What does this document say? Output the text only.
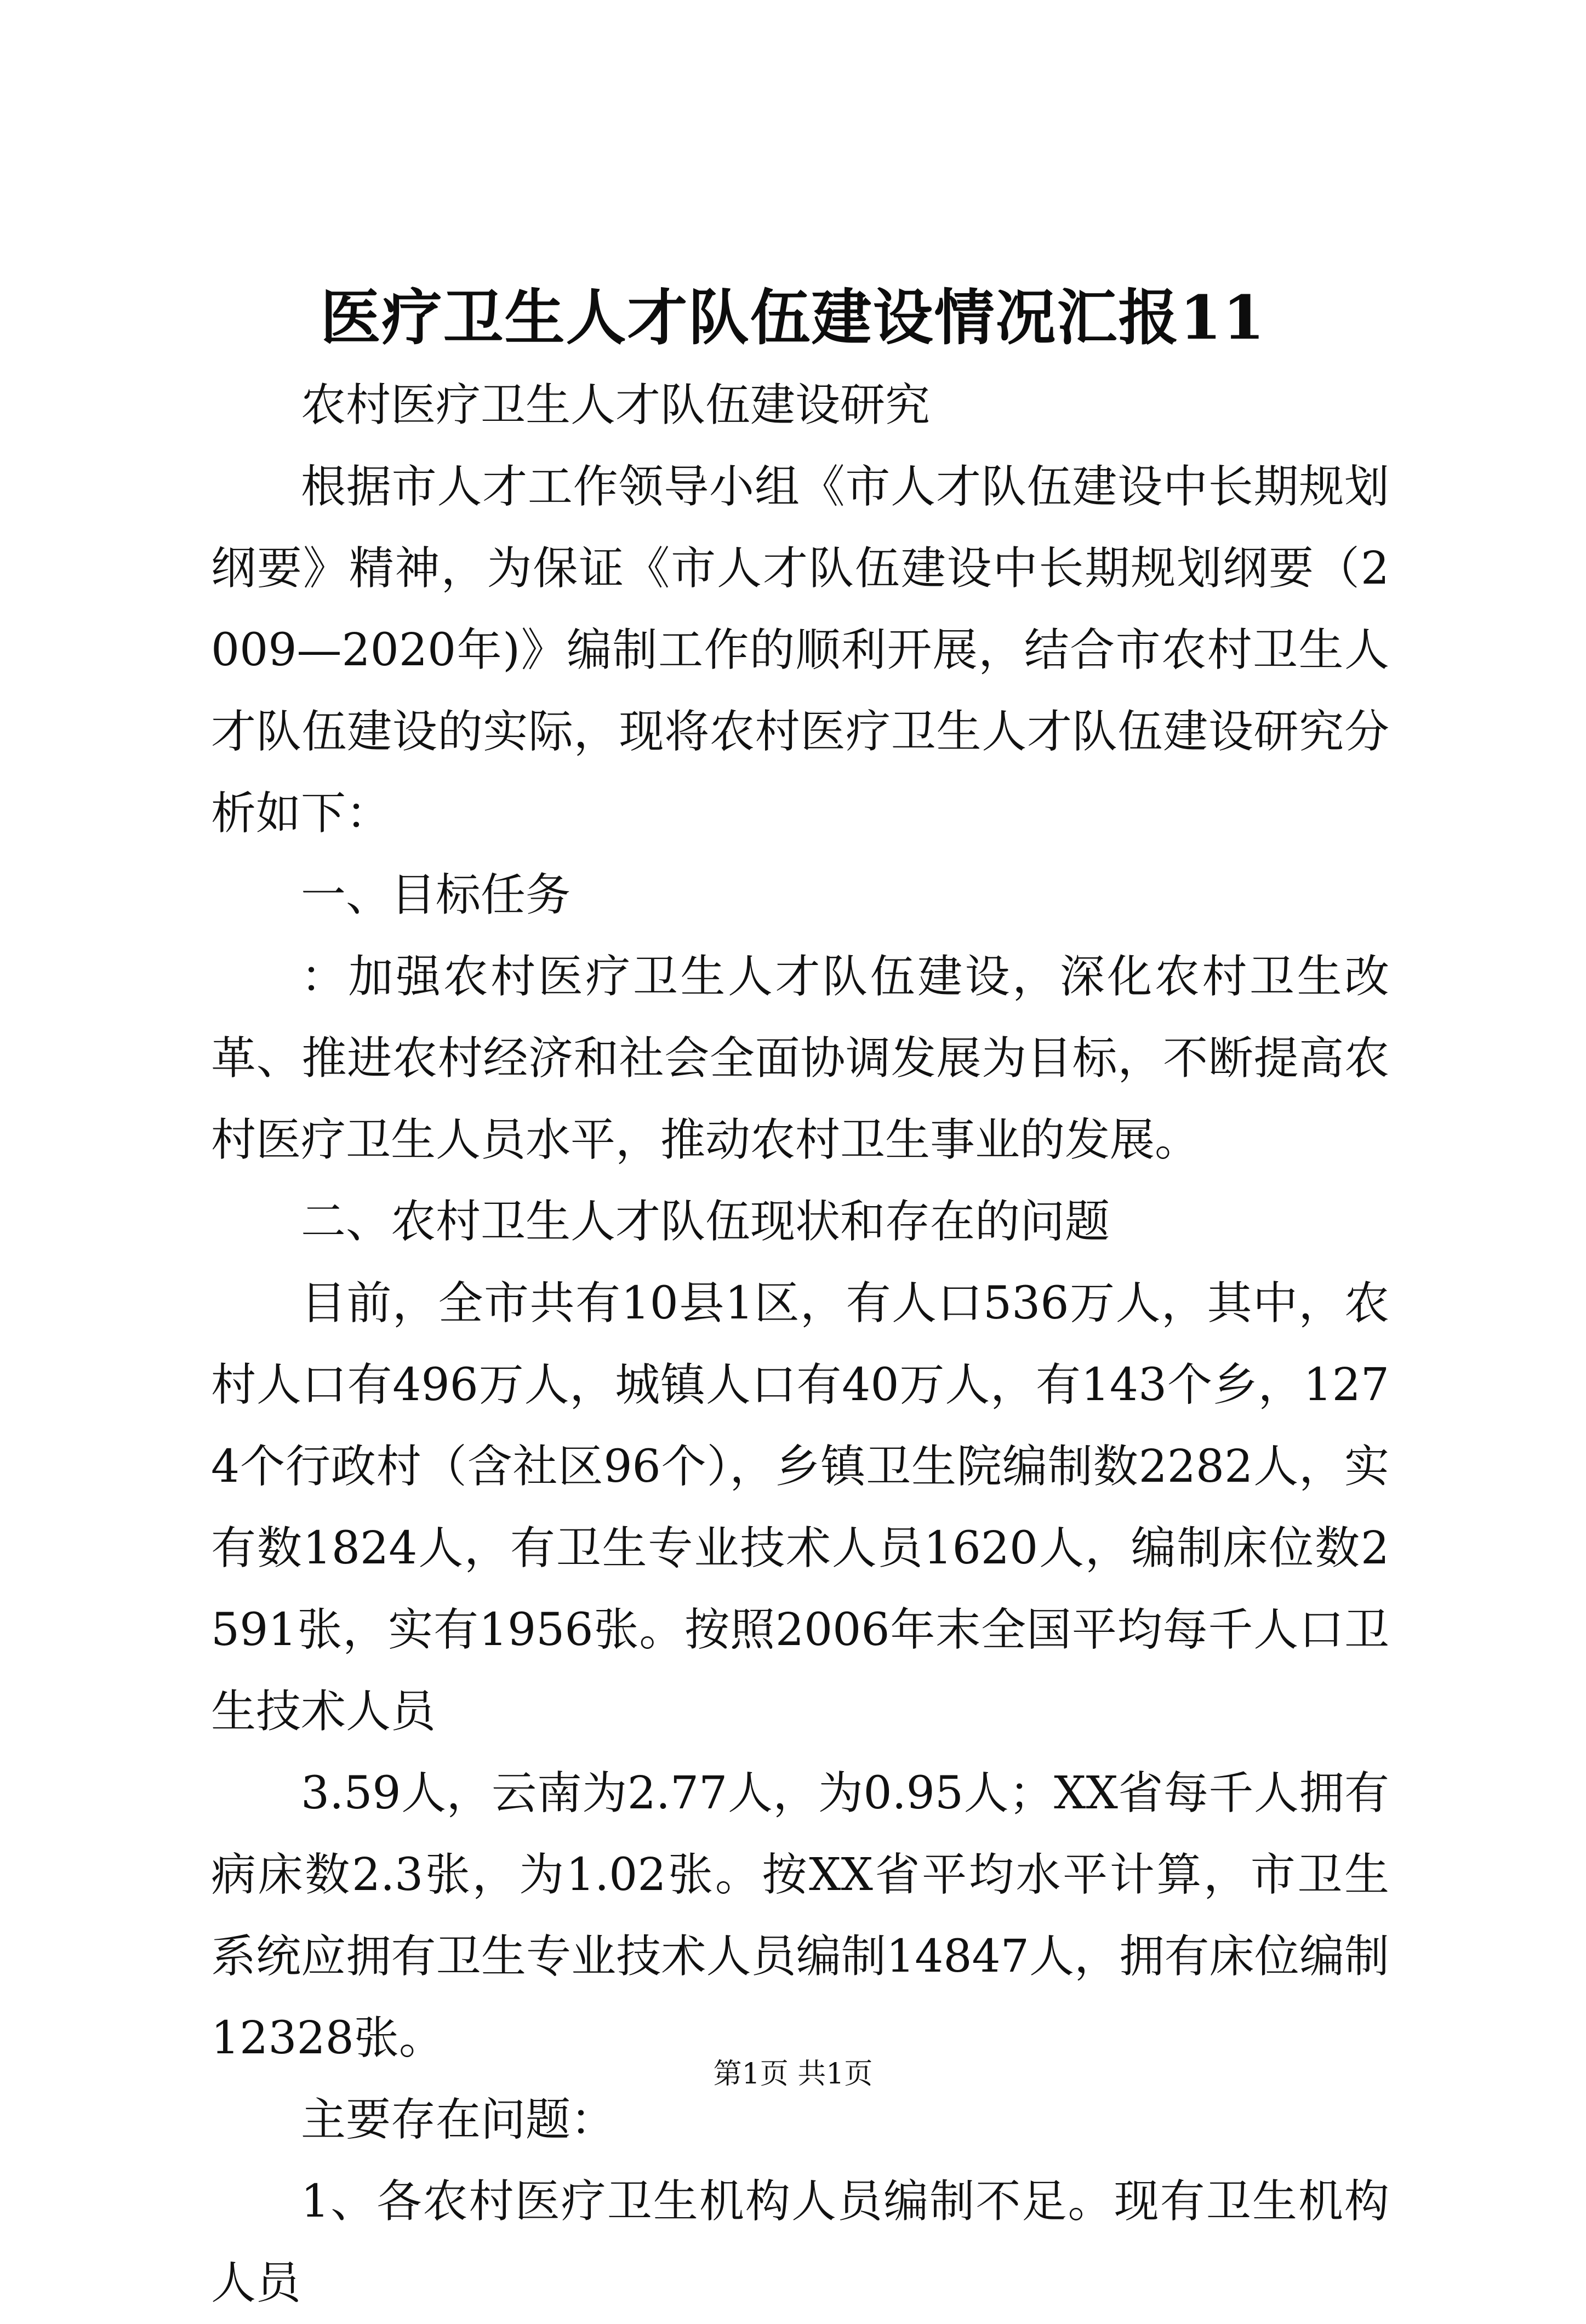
医疗卫生人才队伍建设情况汇报11

农村医疗卫生人才队伍建设研究

根据市人才工作领导小组《市人才队伍建设中长期规划纲要》精神，为保证《市人才队伍建设中长期规划纲要（2009—2020年)》编制工作的顺利开展，结合市农村卫生人才队伍建设的实际，现将农村医疗卫生人才队伍建设研究分析如下：

一、目标任务

：加强农村医疗卫生人才队伍建设，深化农村卫生改革、推进农村经济和社会全面协调发展为目标，不断提高农村医疗卫生人员水平，推动农村卫生事业的发展。

二、农村卫生人才队伍现状和存在的问题

目前，全市共有10县1区，有人口536万人，其中，农村人口有496万人，城镇人口有40万人，有143个乡，1274个行政村（含社区96个），乡镇卫生院编制数2282人，实有数1824人，有卫生专业技术人员1620人，编制床位数2591张，实有1956张。按照2006年末全国平均每千人口卫生技术人员

3.59人，云南为2.77人，为0.95人；XX省每千人拥有病床数2.3张，为1.02张。按XX省平均水平计算，市卫生系统应拥有卫生专业技术人员编制14847人，拥有床位编制12328张。

主要存在问题：

1、各农村医疗卫生机构人员编制不足。现有卫生机构人员

第1页 共1页
